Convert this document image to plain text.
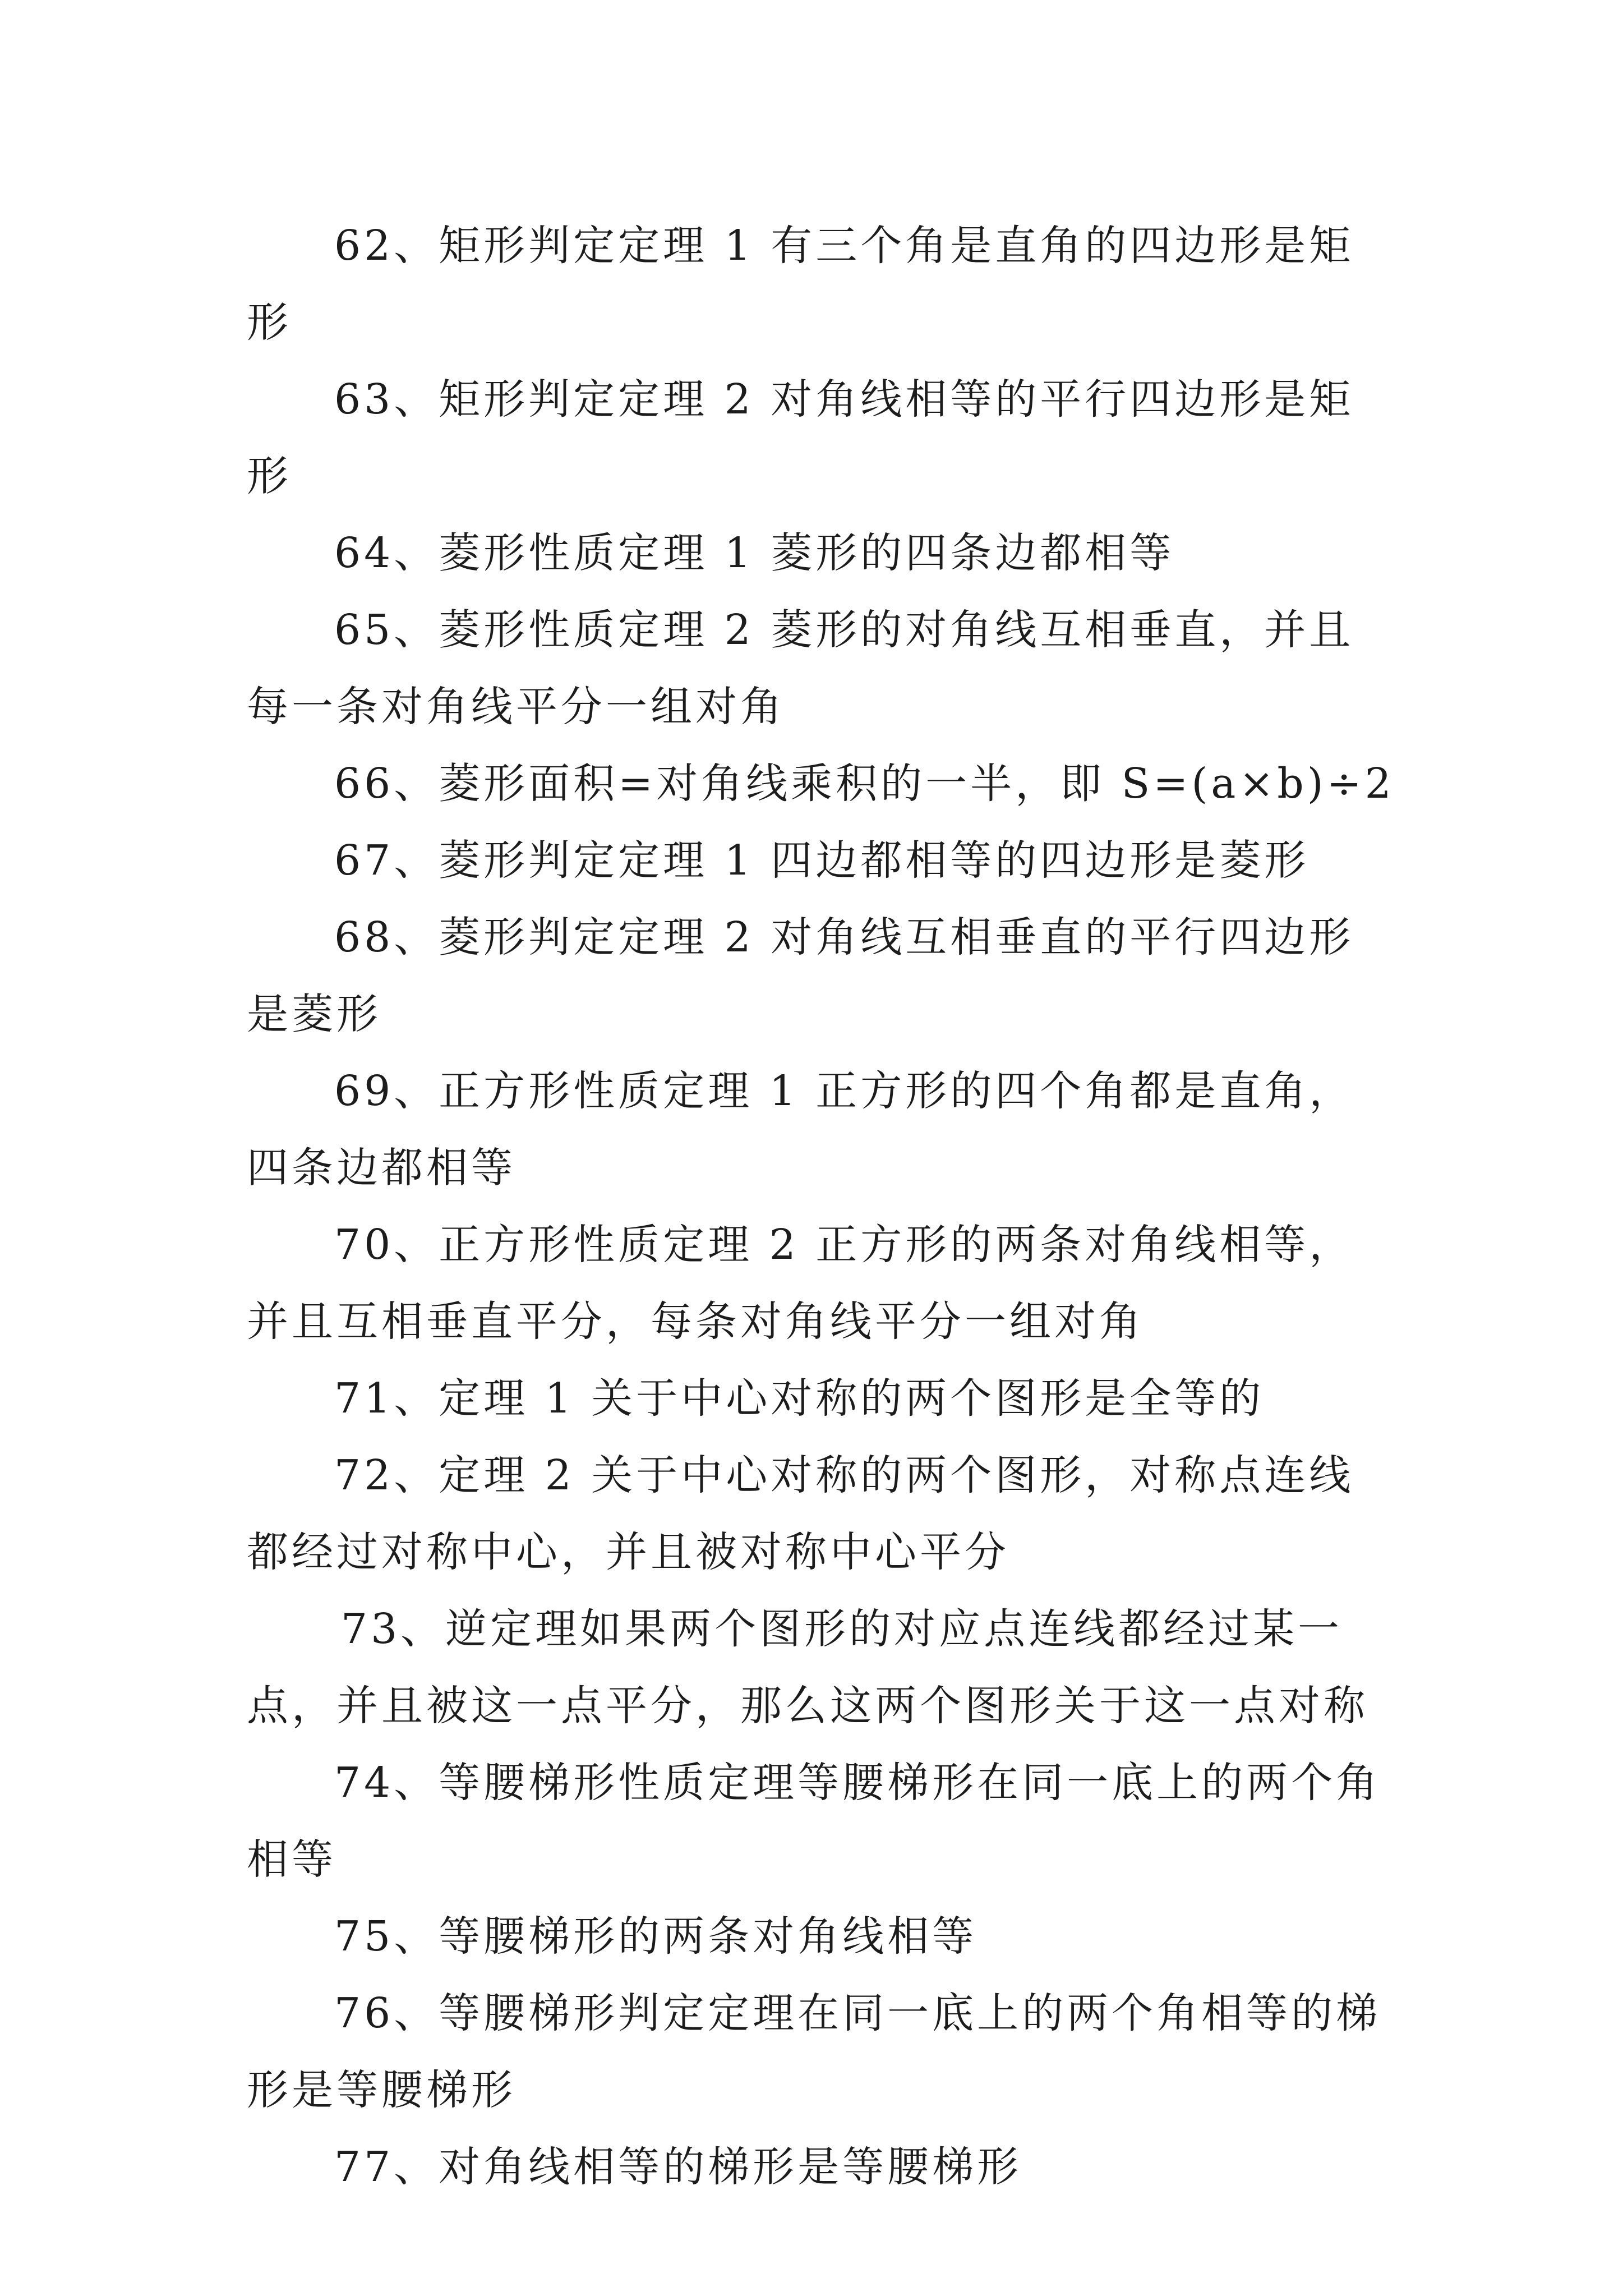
62、矩形判定定理 1 有三个角是直角的四边形是矩形

63、矩形判定定理 2 对角线相等的平行四边形是矩形

64、菱形性质定理 1 菱形的四条边都相等

65、菱形性质定理 2 菱形的对角线互相垂直，并且每一条对角线平分一组对角

66、菱形面积=对角线乘积的一半，即 S=(a×b)÷2

67、菱形判定定理 1 四边都相等的四边形是菱形

68、菱形判定定理 2 对角线互相垂直的平行四边形是菱形

69、正方形性质定理 1 正方形的四个角都是直角，四条边都相等

70、正方形性质定理 2 正方形的两条对角线相等，并且互相垂直平分，每条对角线平分一组对角

71、定理 1 关于中心对称的两个图形是全等的

72、定理 2 关于中心对称的两个图形，对称点连线都经过对称中心，并且被对称中心平分

73、逆定理如果两个图形的对应点连线都经过某一点，并且被这一点平分，那么这两个图形关于这一点对称

74、等腰梯形性质定理等腰梯形在同一底上的两个角相等

75、等腰梯形的两条对角线相等

76、等腰梯形判定定理在同一底上的两个角相等的梯形是等腰梯形

77、对角线相等的梯形是等腰梯形
